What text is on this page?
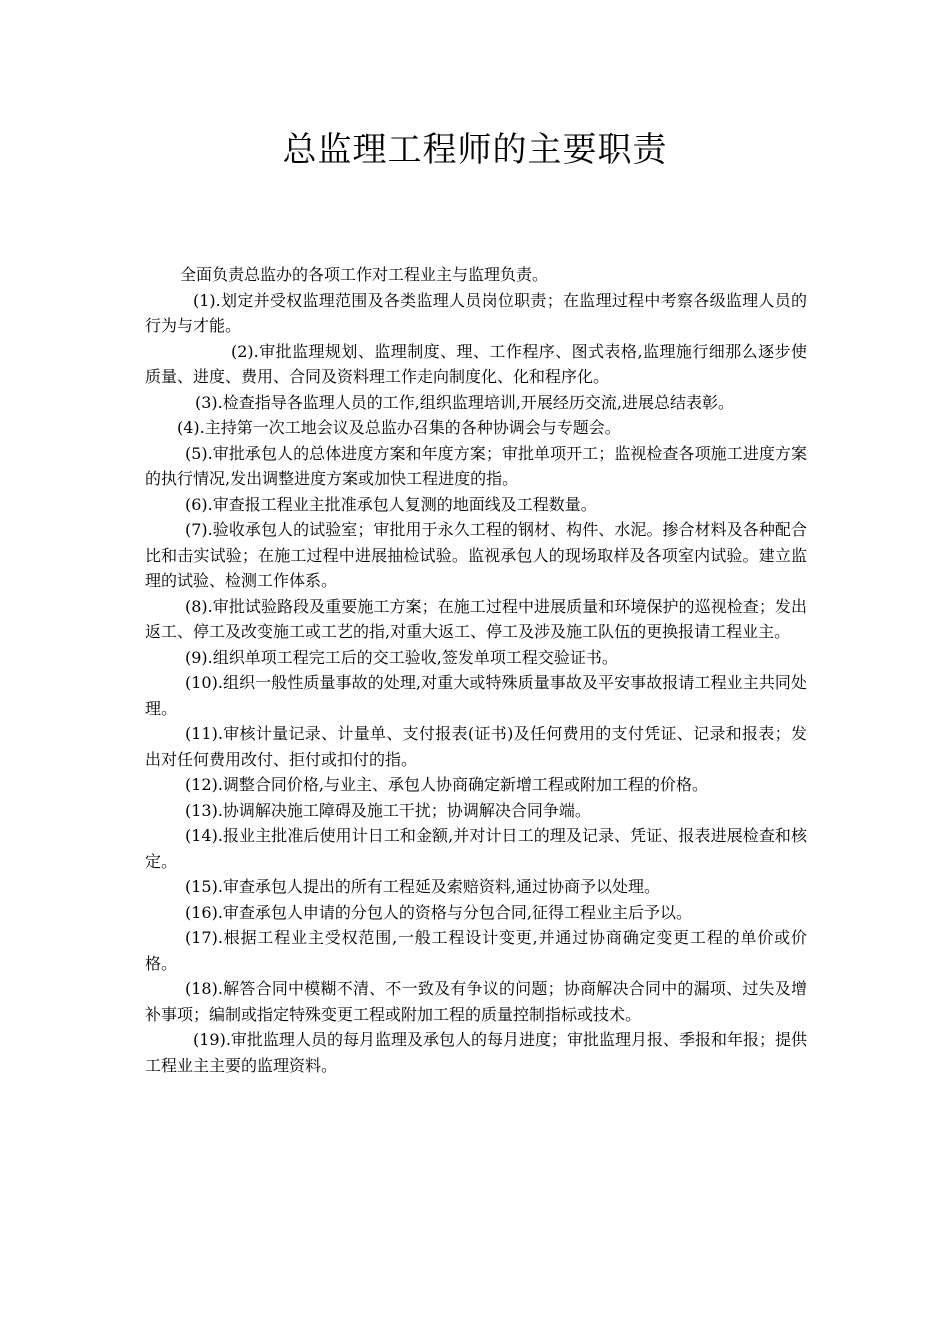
总监理工程师的主要职责

全面负责总监办的各项工作对工程业主与监理负责。

(1).划定并受权监理范围及各类监理人员岗位职责；在监理过程中考察各级监理人员的行为与才能。

(2).审批监理规划、监理制度、理、工作程序、图式表格,监理施行细那么逐步使质量、进度、费用、合同及资料理工作走向制度化、化和程序化。

(3).检查指导各监理人员的工作,组织监理培训,开展经历交流,进展总结表彰。

(4).主持第一次工地会议及总监办召集的各种协调会与专题会。

(5).审批承包人的总体进度方案和年度方案；审批单项开工；监视检查各项施工进度方案的执行情况,发出调整进度方案或加快工程进度的指。

(6).审查报工程业主批准承包人复测的地面线及工程数量。

(7).验收承包人的试验室；审批用于永久工程的钢材、构件、水泥。掺合材料及各种配合比和击实试验；在施工过程中进展抽检试验。监视承包人的现场取样及各项室内试验。建立监理的试验、检测工作体系。

(8).审批试验路段及重要施工方案；在施工过程中进展质量和环境保护的巡视检查；发出返工、停工及改变施工或工艺的指,对重大返工、停工及涉及施工队伍的更换报请工程业主。

(9).组织单项工程完工后的交工验收,签发单项工程交验证书。

(10).组织一般性质量事故的处理,对重大或特殊质量事故及平安事故报请工程业主共同处理。

(11).审核计量记录、计量单、支付报表(证书)及任何费用的支付凭证、记录和报表；发出对任何费用改付、拒付或扣付的指。

(12).调整合同价格,与业主、承包人协商确定新增工程或附加工程的价格。

(13).协调解决施工障碍及施工干扰；协调解决合同争端。

(14).报业主批准后使用计日工和金额,并对计日工的理及记录、凭证、报表进展检查和核定。

(15).审查承包人提出的所有工程延及索赔资料,通过协商予以处理。

(16).审查承包人申请的分包人的资格与分包合同,征得工程业主后予以。

(17).根据工程业主受权范围,一般工程设计变更,并通过协商确定变更工程的单价或价格。

(18).解答合同中模糊不清、不一致及有争议的问题；协商解决合同中的漏项、过失及增补事项；编制或指定特殊变更工程或附加工程的质量控制指标或技术。

(19).审批监理人员的每月监理及承包人的每月进度；审批监理月报、季报和年报；提供工程业主主要的监理资料。
